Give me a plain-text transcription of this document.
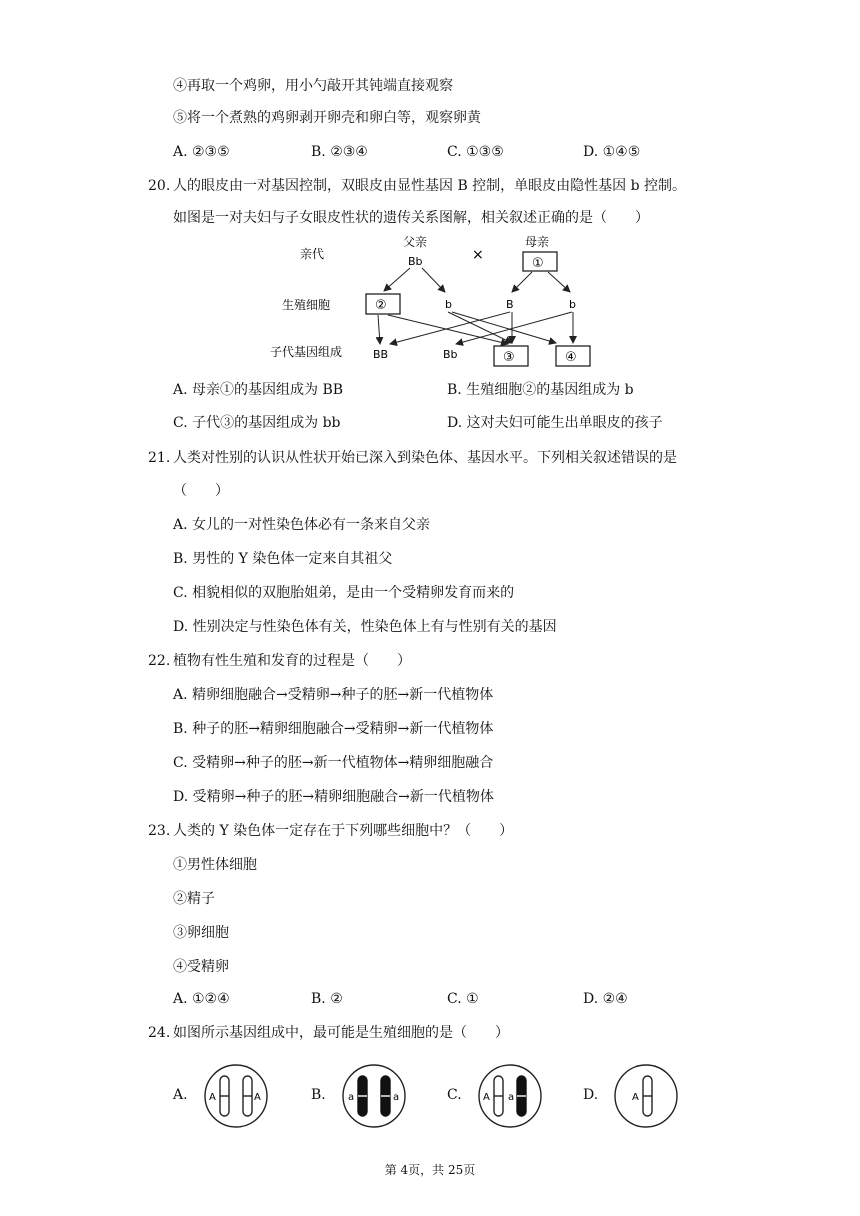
④再取一个鸡卵，用小勺敲开其钝端直接观察
⑤将一个煮熟的鸡卵剥开卵壳和卵白等，观察卵黄
A. ②③⑤	B. ②③④	C. ①③⑤	D. ①④⑤
20. 人的眼皮由一对基因控制，双眼皮由显性基因 B 控制，单眼皮由隐性基因 b 控制。
如图是一对夫妇与子女眼皮性状的遗传关系图解，相关叙述正确的是（　　）
亲代
生殖细胞
子代基因组成
父亲
Bb	×
母亲
①
②	b	B	b
BB	Bb	③	④
A. 母亲①的基因组成为 BB	B. 生殖细胞②的基因组成为 b
C. 子代③的基因组成为 bb	D. 这对夫妇可能生出单眼皮的孩子
21. 人类对性别的认识从性状开始已深入到染色体、基因水平。下列相关叙述错误的是
（　　）
A. 女儿的一对性染色体必有一条来自父亲
B. 男性的 Y 染色体一定来自其祖父
C. 相貌相似的双胞胎姐弟，是由一个受精卵发育而来的
D. 性别决定与性染色体有关，性染色体上有与性别有关的基因
22. 植物有性生殖和发育的过程是（　　）
A. 精卵细胞融合→受精卵→种子的胚→新一代植物体
B. 种子的胚→精卵细胞融合→受精卵→新一代植物体
C. 受精卵→种子的胚→新一代植物体→精卵细胞融合
D. 受精卵→种子的胚→精卵细胞融合→新一代植物体
23. 人类的 Y 染色体一定存在于下列哪些细胞中？（　　）
①男性体细胞
②精子
③卵细胞
④受精卵
A. ①②④	B. ②	C. ①	D. ②④
24. 如图所示基因组成中，最可能是生殖细胞的是（　　）
A. A	A	B. a	a	C. A a	D.	A
第 4页，共 25页
